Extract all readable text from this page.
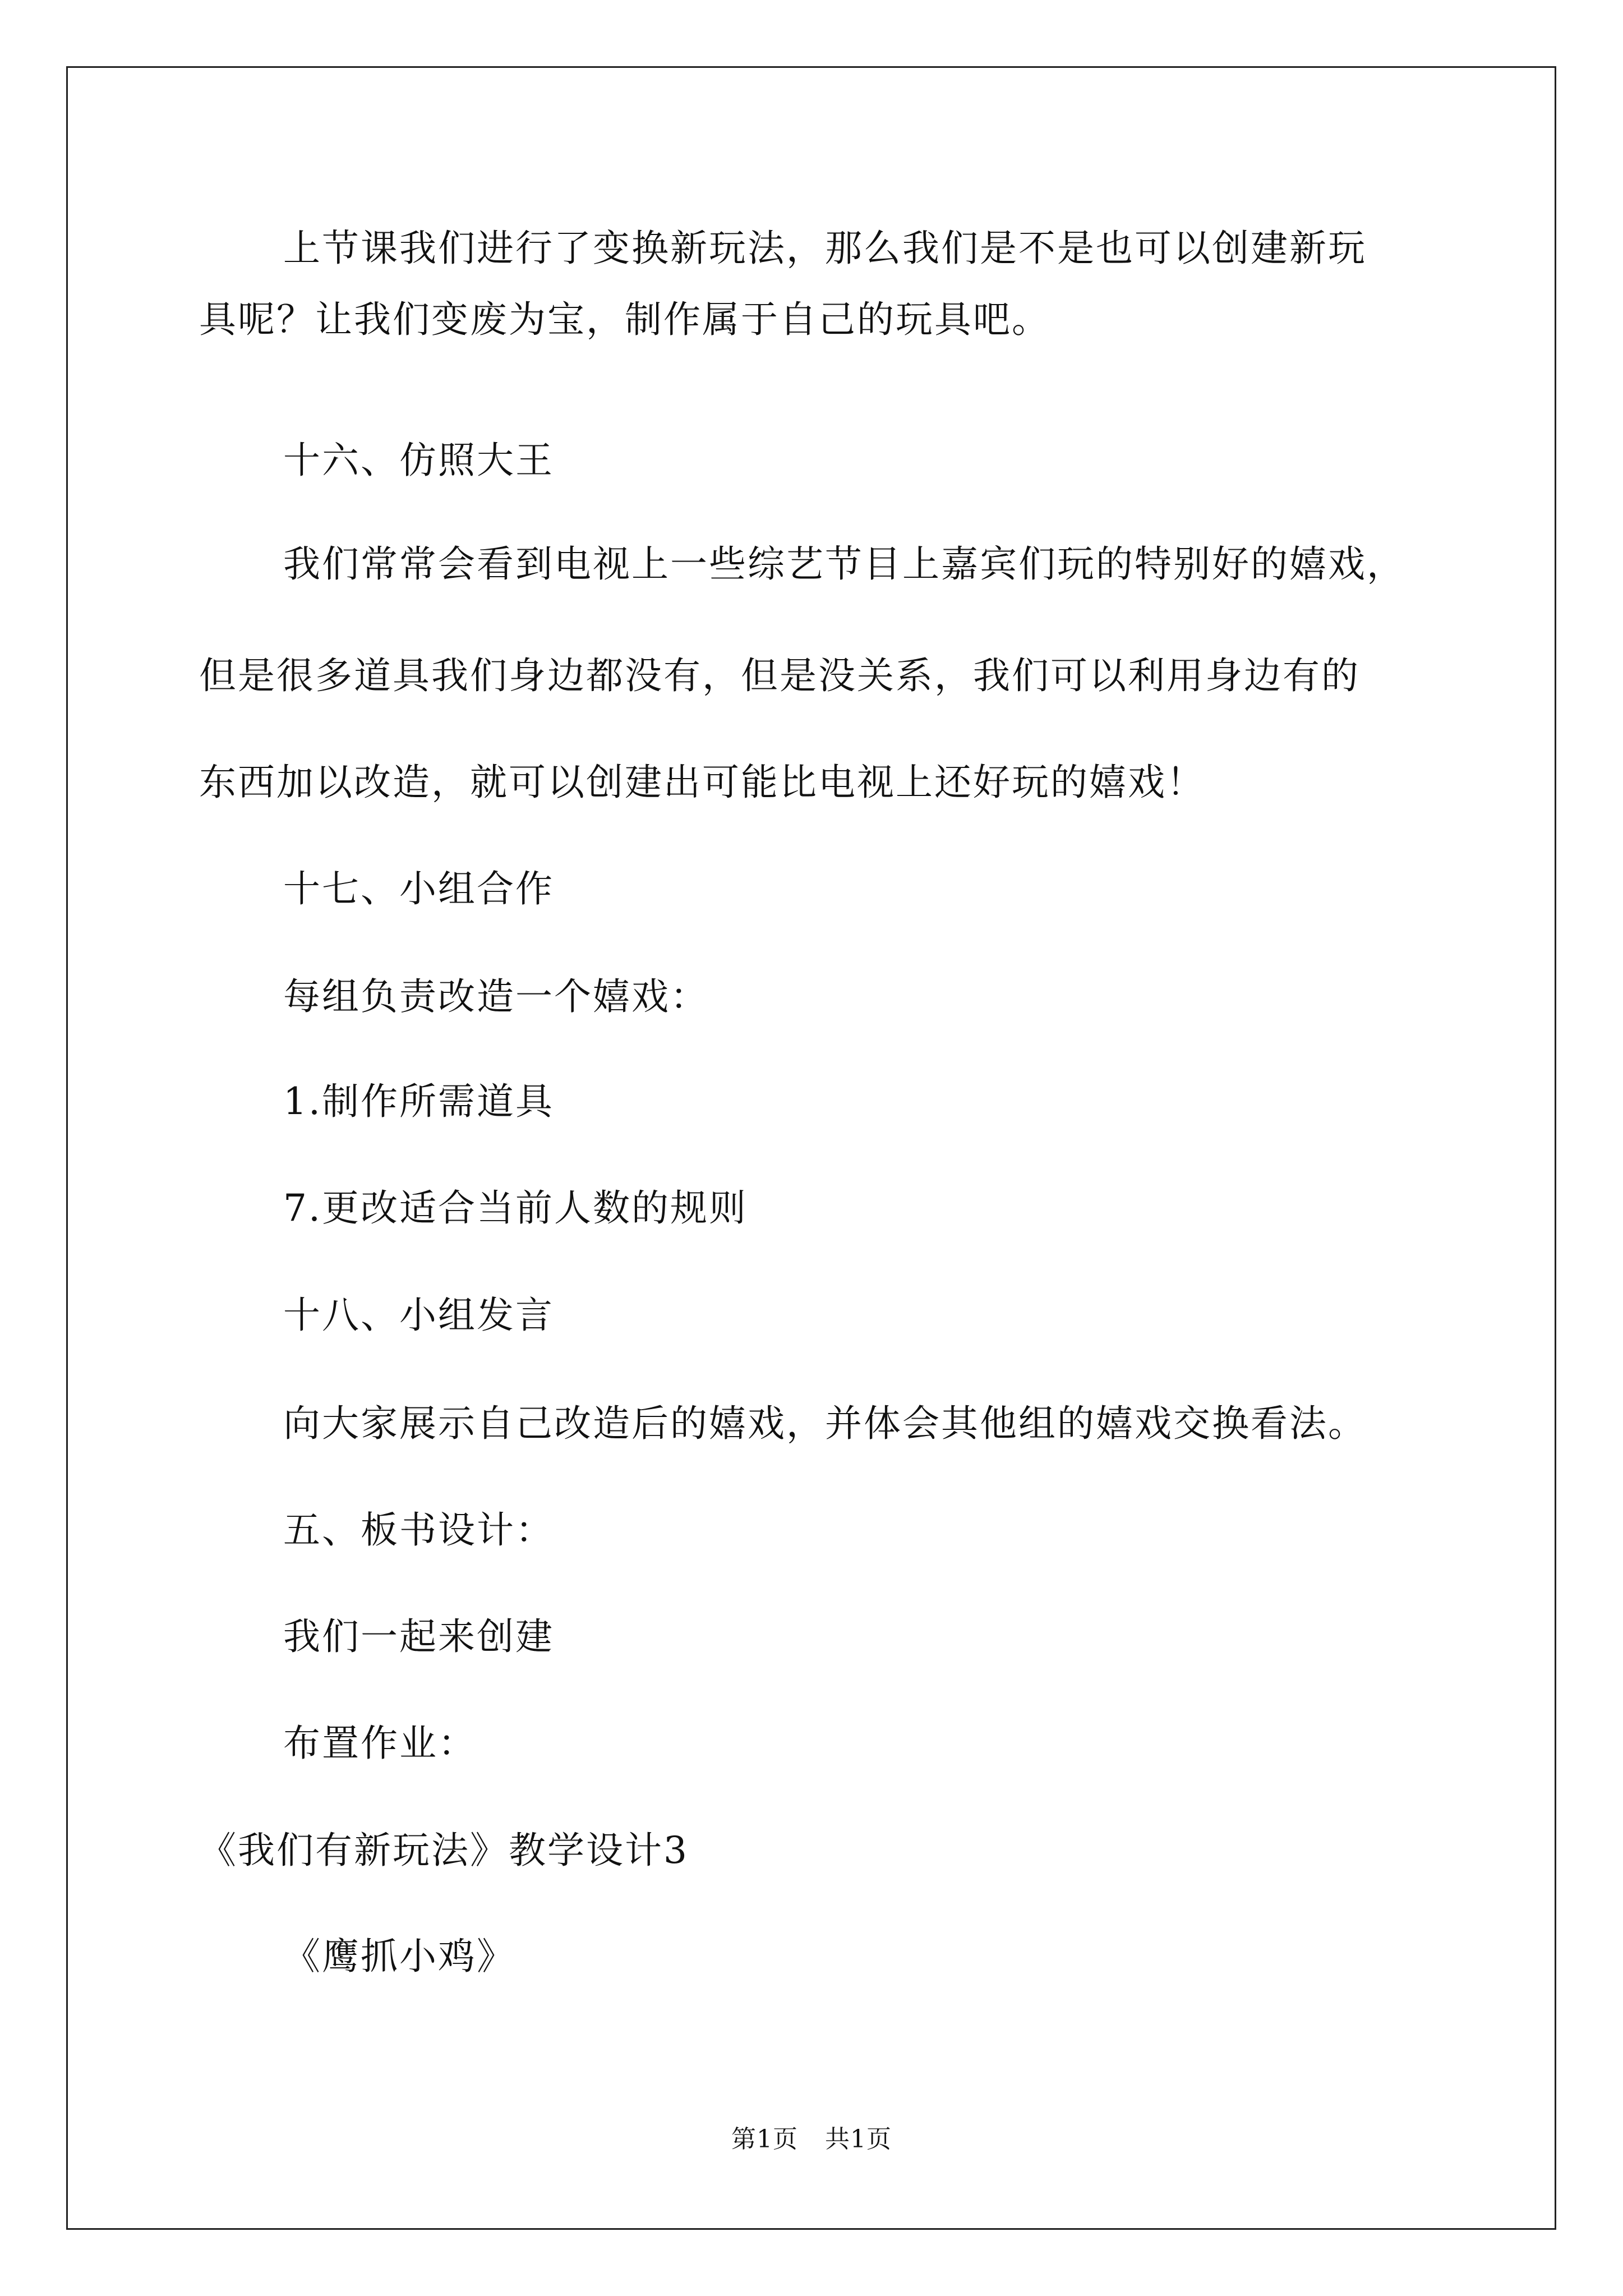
上节课我们进行了变换新玩法，那么我们是不是也可以创建新玩
具呢？让我们变废为宝，制作属于自己的玩具吧。
十六、仿照大王
我们常常会看到电视上一些综艺节目上嘉宾们玩的特别好的嬉戏，
但是很多道具我们身边都没有，但是没关系，我们可以利用身边有的
东西加以改造，就可以创建出可能比电视上还好玩的嬉戏！
十七、小组合作
每组负责改造一个嬉戏：
1.制作所需道具
7.更改适合当前人数的规则
十八、小组发言
向大家展示自己改造后的嬉戏，并体会其他组的嬉戏交换看法。
五、板书设计：
我们一起来创建
布置作业：
《我们有新玩法》教学设计3
《鹰抓小鸡》
第1页 共1页
